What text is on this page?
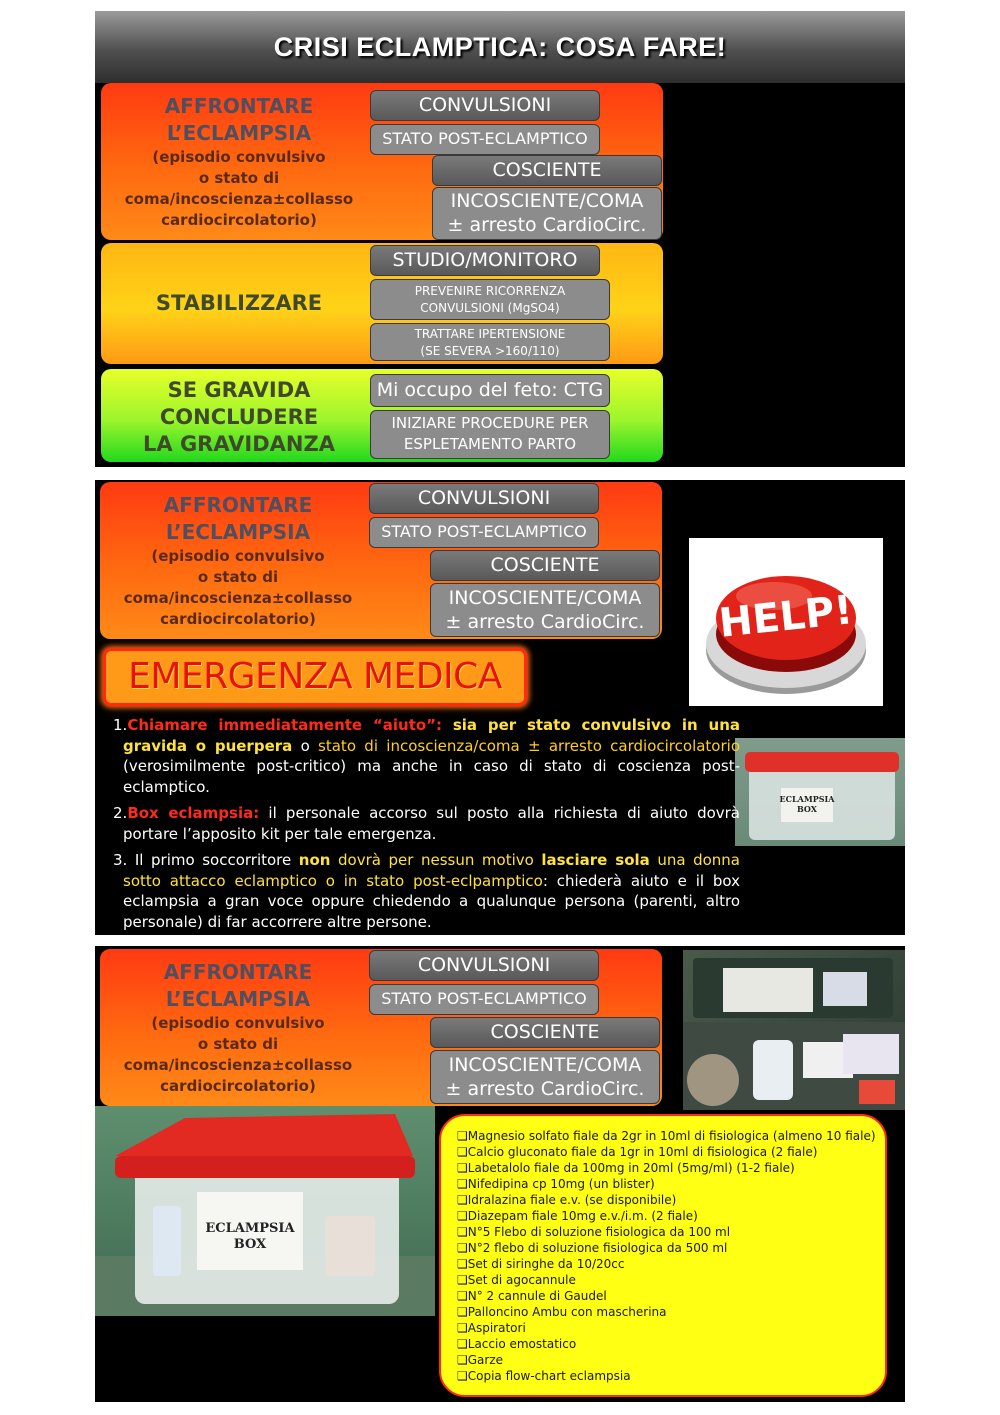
CRISI ECLAMPTICA: COSA FARE!
AFFRONTARE
L’ECLAMPSIA
(episodio convulsivo
o stato di
coma/incoscienza±collasso
cardiocircolatorio)
CONVULSIONI
STATO POST-ECLAMPTICO
COSCIENTE
INCOSCIENTE/COMA
± arresto CardioCirc.
STABILIZZARE
STUDIO/MONITORO
PREVENIRE RICORRENZA
CONVULSIONI (MgSO4)
TRATTARE IPERTENSIONE
(SE SEVERA >160/110)
SE GRAVIDA
CONCLUDERE
LA GRAVIDANZA
Mi occupo del feto: CTG
INIZIARE PROCEDURE PER
ESPLETAMENTO PARTO
AFFRONTARE
L’ECLAMPSIA
(episodio convulsivo
o stato di
coma/incoscienza±collasso
cardiocircolatorio)
CONVULSIONI
STATO POST-ECLAMPTICO
COSCIENTE
INCOSCIENTE/COMA
± arresto CardioCirc.	HELP!
EMERGENZA MEDICA
ECLAMPSIA
BOX

1.Chiamare immediatamente “aiuto”: sia per stato convulsivo in una gravida o puerpera o stato di incoscienza/coma ± arresto cardiocircolatorio (verosimilmente post-critico) ma anche in caso di stato di coscienza post-eclamptico.

2.Box eclampsia: il personale accorso sul posto alla richiesta di aiuto dovrà portare l’apposito kit per tale emergenza.

3. Il primo soccorritore non dovrà per nessun motivo lasciare sola una donna sotto attacco eclamptico o in stato post-eclpamptico: chiederà aiuto e il box eclampsia a gran voce oppure chiedendo a qualunque persona (parenti, altro personale) di far accorrere altre persone.

AFFRONTARE
L’ECLAMPSIA
(episodio convulsivo
o stato di
coma/incoscienza±collasso
cardiocircolatorio)
CONVULSIONI
STATO POST-ECLAMPTICO
COSCIENTE
INCOSCIENTE/COMA
± arresto CardioCirc.
ECLAMPSIA
BOX
❑Magnesio solfato fiale da 2gr in 10ml di fisiologica (almeno 10 fiale)
❑Calcio gluconato fiale da 1gr in 10ml di fisiologica (2 fiale)
❑Labetalolo fiale da 100mg in 20ml (5mg/ml) (1-2 fiale)
❑Nifedipina cp 10mg (un blister)
❑Idralazina fiale e.v. (se disponibile)
❑Diazepam fiale 10mg e.v./i.m. (2 fiale)
❑N°5 Flebo di soluzione fisiologica da 100 ml
❑N°2 flebo di soluzione fisiologica da 500 ml
❑Set di siringhe da 10/20cc
❑Set di agocannule
❑N° 2 cannule di Gaudel
❑Palloncino Ambu con mascherina
❑Aspiratori
❑Laccio emostatico
❑Garze
❑Copia flow-chart eclampsia
